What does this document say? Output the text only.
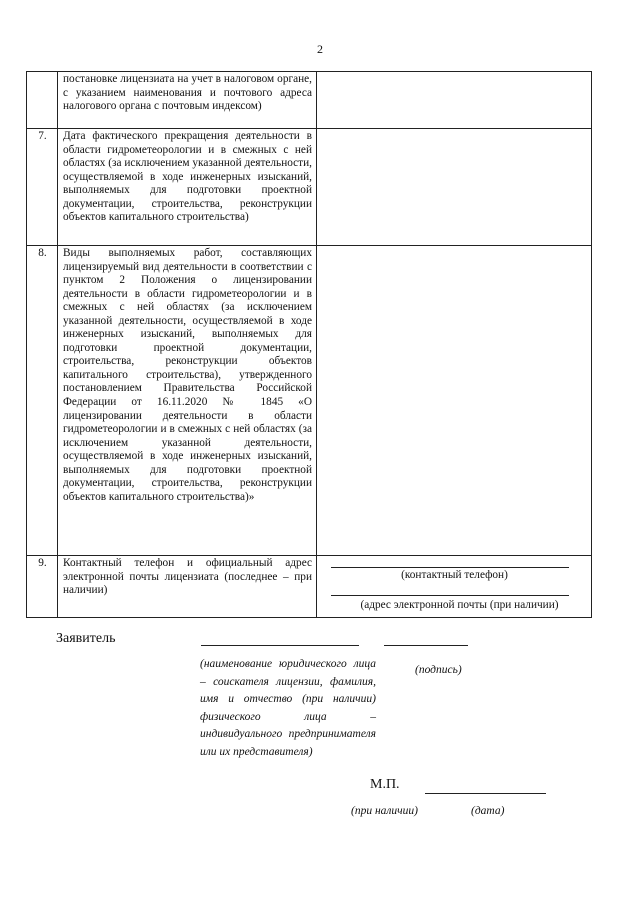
2
	постановке лицензиата на учет в налоговом органе, с указанием наименования и почтового адреса налогового органа с почтовым индексом)	
7.	Дата фактического прекращения деятельности в области гидрометеорологии и в смежных с ней областях (за исключением указанной деятельности, осуществляемой в ходе инженерных изысканий, выполняемых для подготовки проектной документации, строительства, реконструкции объектов капитального строительства)	
8.	Виды выполняемых работ, составляющих лицензируемый вид деятельности в соответствии с пунктом 2 Положения о лицензировании деятельности в области гидрометеорологии и в смежных с ней областях (за исключением указанной деятельности, осуществляемой в ходе инженерных изысканий, выполняемых для подготовки проектной документации, строительства, реконструкции объектов капитального строительства), утвержденного постановлением Правительства Российской Федерации от 16.11.2020 № 1845 «О лицензировании деятельности в области гидрометеорологии и в смежных с ней областях (за исключением указанной деятельности, осуществляемой в ходе инженерных изысканий, выполняемых для подготовки проектной документации, строительства, реконструкции объектов капитального строительства)»	
9.	Контактный телефон и официальный адрес электронной почты лицензиата (последнее – при наличии)	(контактный телефон)
(адрес электронной почты (при наличии)
Заявитель
(наименование юридического лица – соискателя лицензии, фамилия, имя и отчество (при наличии) физического лица – индивидуального предпринимателя или их представителя)
(подпись)
М.П.
(при наличии)	(дата)
